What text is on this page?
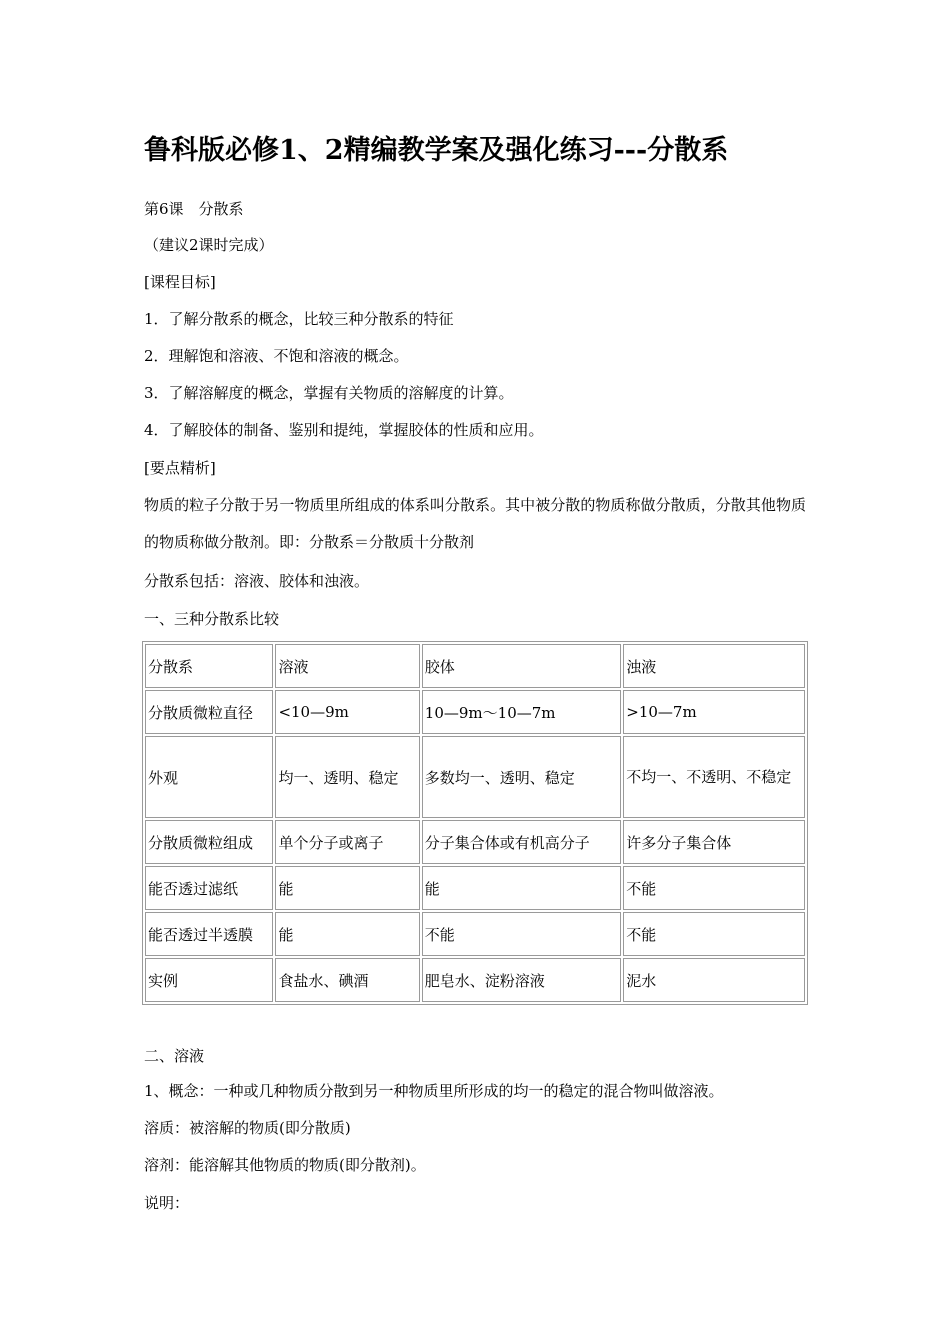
鲁科版必修1、2精编教学案及强化练习---分散系
第6课　分散系
（建议2课时完成）
[课程目标]
1．了解分散系的概念，比较三种分散系的特征
2．理解饱和溶液、不饱和溶液的概念。
3．了解溶解度的概念，掌握有关物质的溶解度的计算。
4．了解胶体的制备、鉴别和提纯，掌握胶体的性质和应用。
[要点精析]
物质的粒子分散于另一物质里所组成的体系叫分散系。其中被分散的物质称做分散质，分散其他物质的物质称做分散剂。即：分散系＝分散质十分散剂
分散系包括：溶液、胶体和浊液。
一、三种分散系比较
分散系	溶液	胶体	浊液
分散质微粒直径	<10—9m	10—9m～10—7m	>10—7m
外观	均一、透明、稳定	多数均一、透明、稳定	不均一、不透明、不稳定
分散质微粒组成	单个分子或离子	分子集合体或有机高分子	许多分子集合体
能否透过滤纸	能	能	不能
能否透过半透膜	能	不能	不能
实例	食盐水、碘酒	肥皂水、淀粉溶液	泥水
二、溶液
1、概念：一种或几种物质分散到另一种物质里所形成的均一的稳定的混合物叫做溶液。
溶质：被溶解的物质(即分散质)
溶剂：能溶解其他物质的物质(即分散剂)。
说明：
